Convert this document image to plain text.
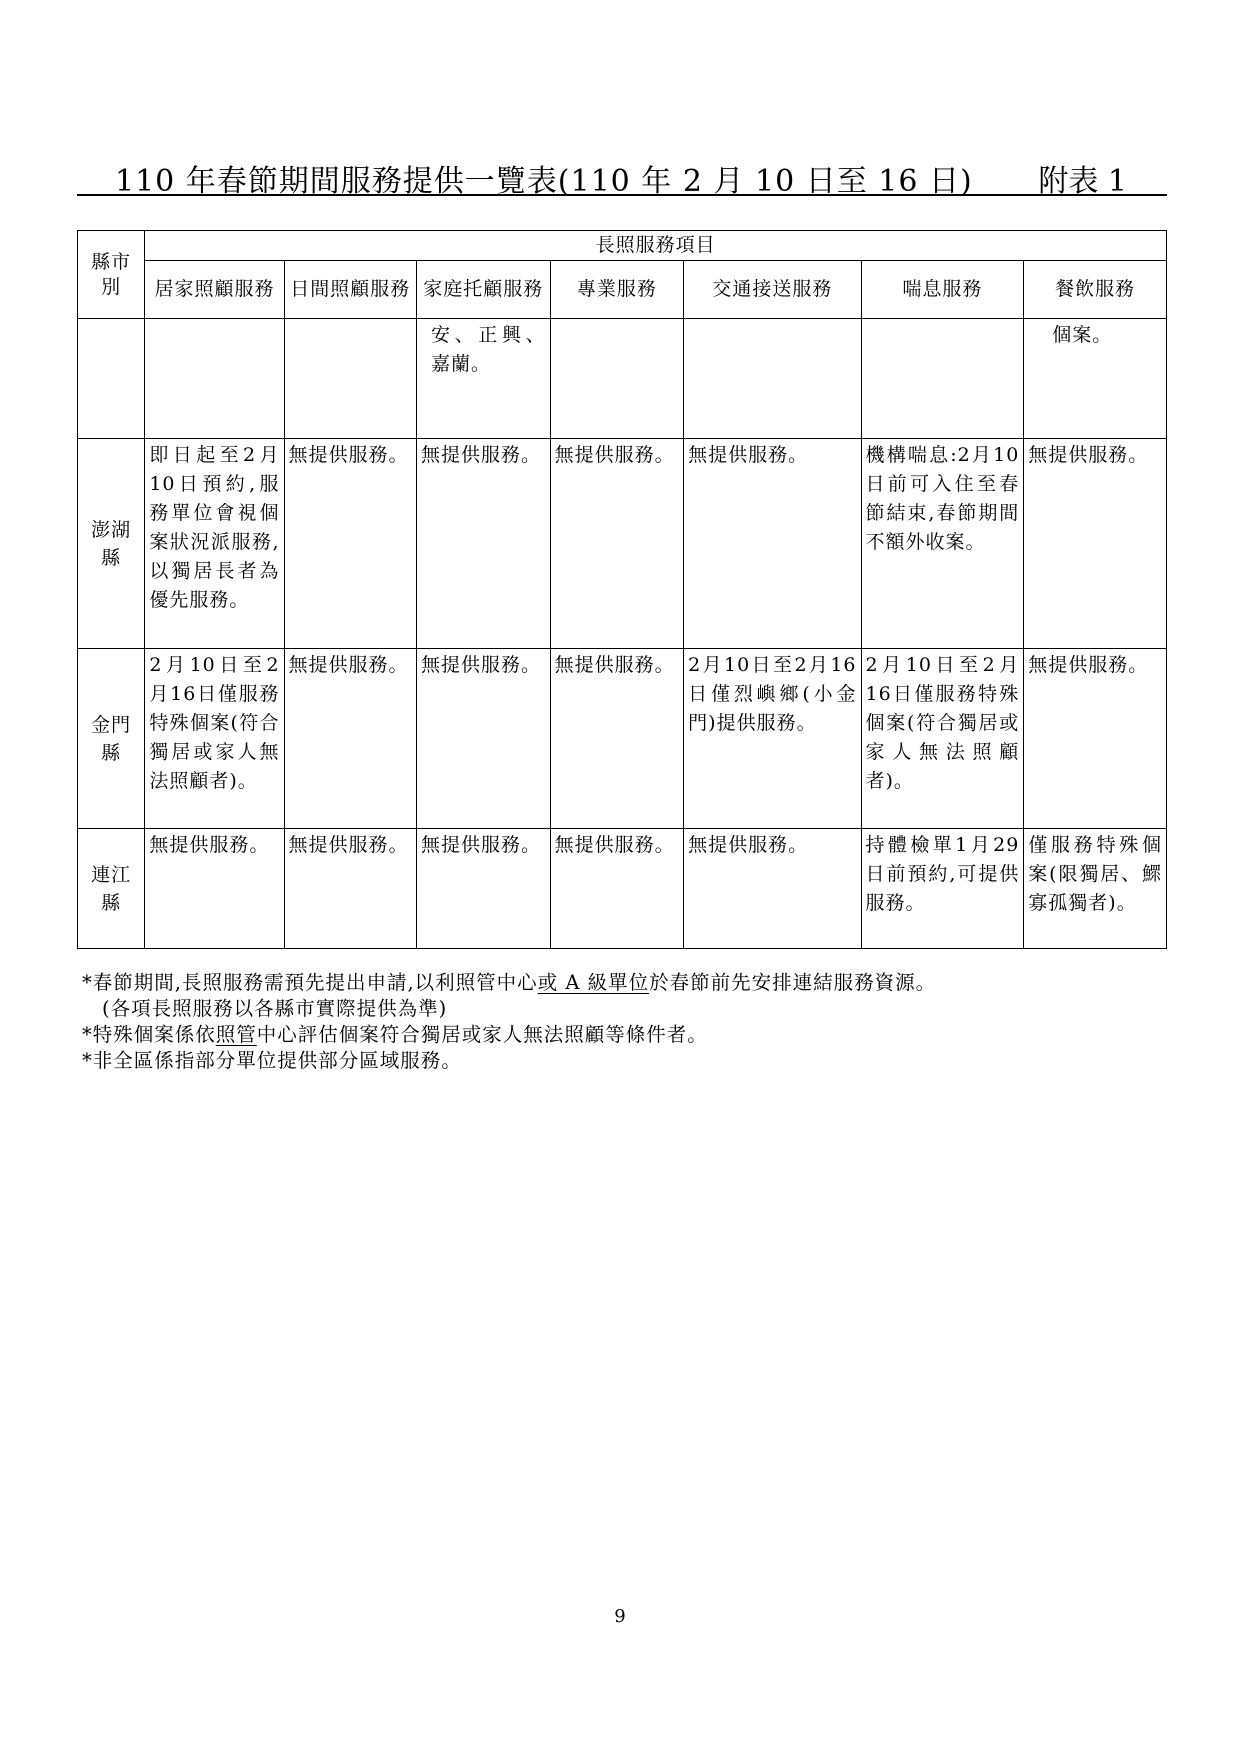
110 年春節期間服務提供一覽表(110 年 2 月 10 日至 16 日) 附表 1
縣市別	長照服務項目						
	居家照顧服務	日間照顧服務	家庭托顧服務	專業服務	交通接送服務	喘息服務	餐飲服務
			安、正興、嘉蘭。				個案。
澎湖縣	即日起至2月10日預約,服務單位會視個案狀況派服務,以獨居長者為優先服務。	無提供服務。	無提供服務。	無提供服務。	無提供服務。	機構喘息:2月10日前可入住至春節結束,春節期間不額外收案。	無提供服務。
金門縣	2月10日至2月16日僅服務特殊個案(符合獨居或家人無法照顧者)。	無提供服務。	無提供服務。	無提供服務。	2月10日至2月16日僅烈嶼鄉(小金門)提供服務。	2月10日至2月16日僅服務特殊個案(符合獨居或家人無法照顧者)。	無提供服務。
連江縣	無提供服務。	無提供服務。	無提供服務。	無提供服務。	無提供服務。	持體檢單1月29日前預約,可提供服務。	僅服務特殊個案(限獨居、鰥寡孤獨者)。
*春節期間,長照服務需預先提出申請,以利照管中心或 A 級單位於春節前先安排連結服務資源。
(各項長照服務以各縣市實際提供為準)
*特殊個案係依照管中心評估個案符合獨居或家人無法照顧等條件者。
*非全區係指部分單位提供部分區域服務。
9
